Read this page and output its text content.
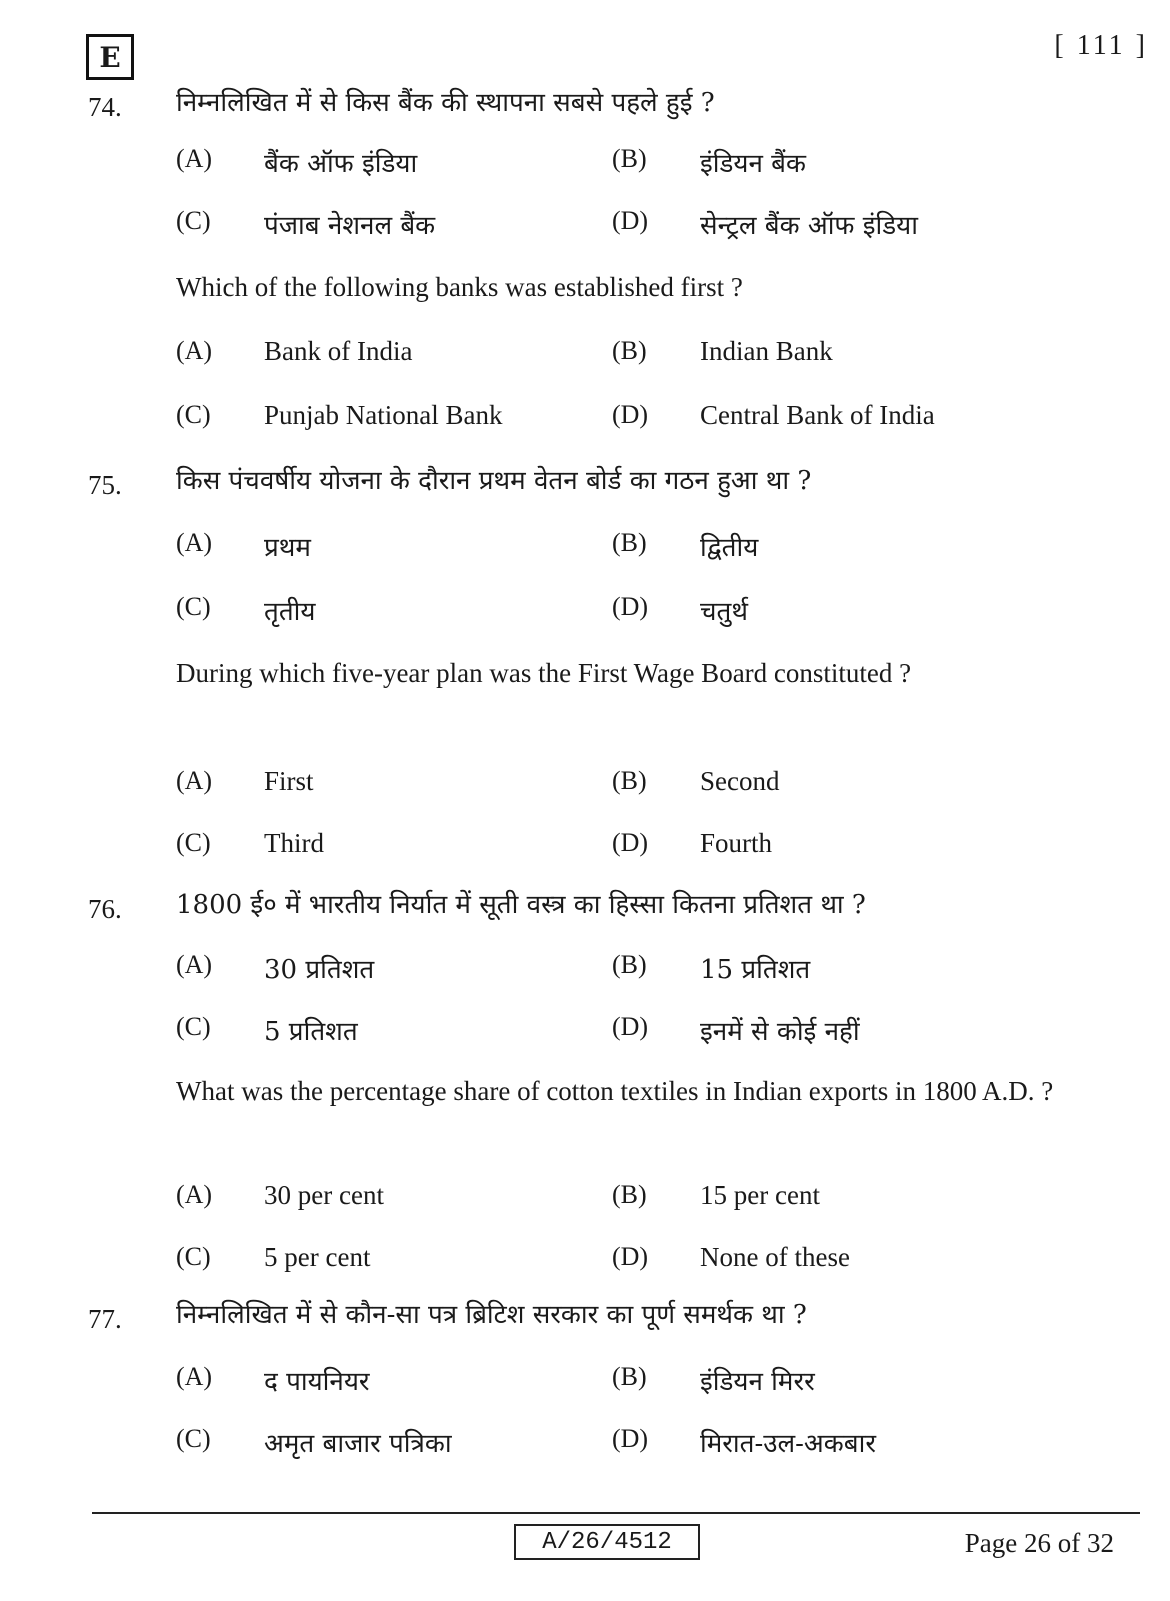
E	[ 111 ]
74. निम्नलिखित में से किस बैंक की स्थापना सबसे पहले हुई ?
(A) बैंक ऑफ इंडिया	(B) इंडियन बैंक
(C) पंजाब नेशनल बैंक	(D) सेन्ट्रल बैंक ऑफ इंडिया
Which of the following banks was established first ?
(A) Bank of India	(B) Indian Bank
(C) Punjab National Bank	(D) Central Bank of India
75. किस पंचवर्षीय योजना के दौरान प्रथम वेतन बोर्ड का गठन हुआ था ?
(A) प्रथम	(B) द्वितीय
(C) तृतीय	(D) चतुर्थ
During which five-year plan was the First Wage Board constituted ?
(A) First	(B) Second
(C) Third	(D) Fourth
76. 1800 ई० में भारतीय निर्यात में सूती वस्त्र का हिस्सा कितना प्रतिशत था ?
(A) 30 प्रतिशत	(B) 15 प्रतिशत
(C) 5 प्रतिशत	(D) इनमें से कोई नहीं
What was the percentage share of cotton textiles in Indian exports in 1800 A.D. ?
(A) 30 per cent	(B) 15 per cent
(C) 5 per cent	(D) None of these
77. निम्नलिखित में से कौन-सा पत्र ब्रिटिश सरकार का पूर्ण समर्थक था ?
(A) द पायनियर	(B) इंडियन मिरर
(C) अमृत बाजार पत्रिका	(D) मिरात-उल-अकबार
A/26/4512	Page 26 of 32
